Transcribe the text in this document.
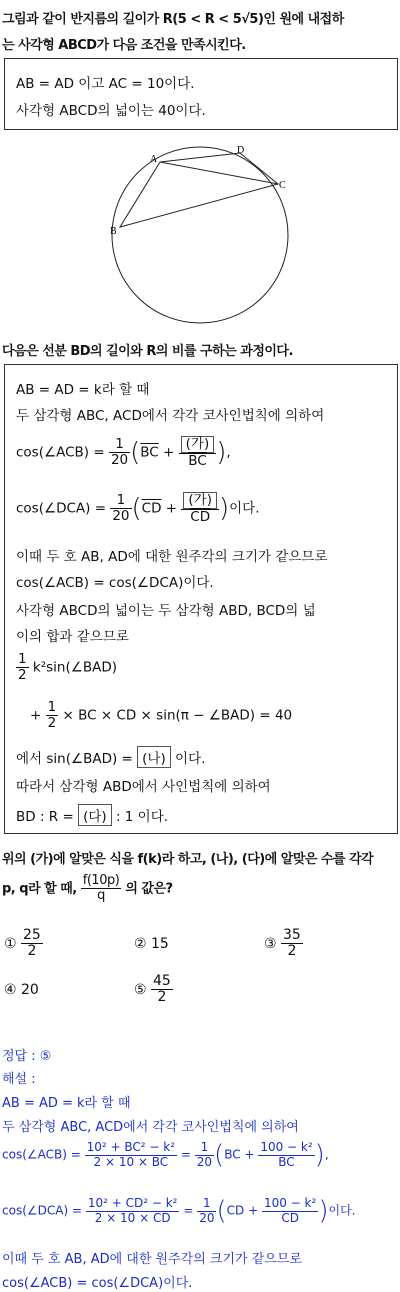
그림과 같이 반지름의 길이가 R(5 < R < 5√5)인 원에 내접하
는 사각형 ABCD가 다음 조건을 만족시킨다.
AB = AD 이고 AC = 10이다.
사각형 ABCD의 넓이는 40이다.
A
B
C
D
다음은 선분 BD의 길이와 R의 비를 구하는 과정이다.
AB = AD = k라 할 때
두 삼각형 ABC, ACD에서 각각 코사인법칙에 의하여
cos(∠ACB) = $\frac{1}{20} (\overline{BC} + \frac{\text{(가)}}{BC}$ ),
cos(∠DCA) = $\frac{1}{20} (\overline{CD} + \frac{\text{(가)}}{CD}$ )이다.
이때 두 호 AB, AD에 대한 원주각의 크기가 같으므로
cos(∠ACB) = cos(∠DCA)이다.
사각형 ABCD의 넓이는 두 삼각형 ABD, BCD의 넓
이의 합과 같으므로
$\frac{1}{2}$ k²sin(∠BAD)
+ $\frac{1}{2}$ × BC × CD × sin(π − ∠BAD) = 40
에서 sin(∠BAD) = (나) 이다.
따라서 삼각형 ABD에서 사인법칙에 의하여
BD : R = (다) : 1 이다.
위의 (가)에 알맞은 식을 f(k)라 하고, (나), (다)에 알맞은 수를 각각
p, q라 할 때, $\frac{f(10p)}{q}$ 의 값은?
① $\frac{25}{2}$	② 15	③ $\frac{35}{2}$
④ 20	⑤ $\frac{45}{2}$
정답 : ⑤
해설 :
AB = AD = k라 할 때
두 삼각형 ABC, ACD에서 각각 코사인법칙에 의하여
cos(∠ACB) = $\frac{\text{10² + BC² − k²}}{2 \times 10 \times BC} = \frac{1}{20} (BC + \frac{\text{100 − k²}}{BC}$ ),
cos(∠DCA) = $\frac{\text{10² + CD² − k²}}{2 \times 10 \times CD} = \frac{1}{20} (CD + \frac{\text{100 − k²}}{CD}$ )이다.
이때 두 호 AB, AD에 대한 원주각의 크기가 같으므로
cos(∠ACB) = cos(∠DCA)이다.
